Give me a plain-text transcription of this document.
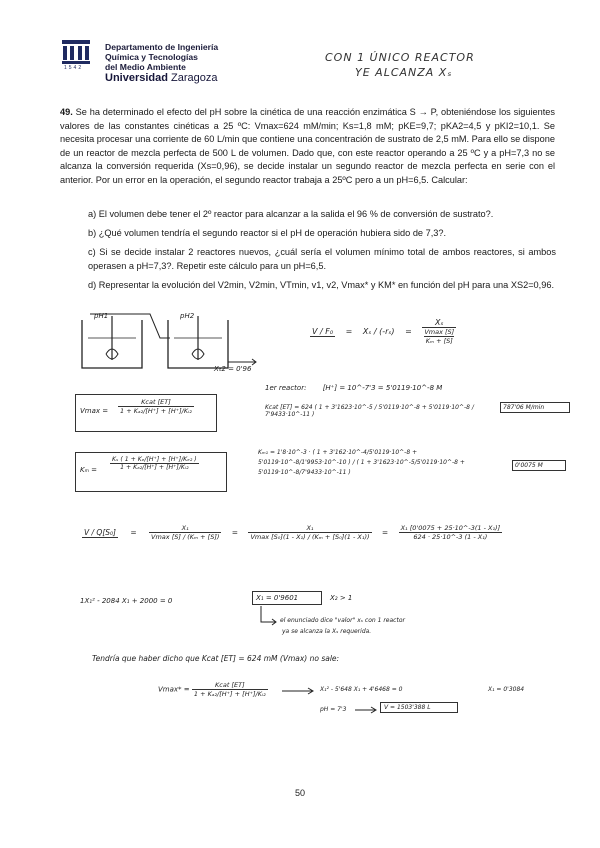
1542
Departamento de Ingeniería
Química y Tecnologías
del Medio Ambiente
Universidad Zaragoza
CON 1 ÚNICO REACTOR
YE ALCANZA Xₛ
49. Se ha determinado el efecto del pH sobre la cinética de una reacción enzimática S → P, obteniéndose los siguientes valores de las constantes cinéticas a 25 ºC: Vmax=624 mM/min; Ks=1,8 mM; pKE=9,7; pKA2=4,5 y pKI2=10,1. Se necesita procesar una corriente de 60 L/min que contiene una concentración de sustrato de 2,5 mM. Para ello se dispone de un reactor de mezcla perfecta de 500 L de volumen. Dado que, con este reactor operando a 25 ºC y a pH=7,3 no se alcanza la conversión requerida (Xs=0,96), se decide instalar un segundo reactor de mezcla perfecta en serie con el anterior. Por un error en la operación, el segundo reactor trabaja a 25ºC pero a un pH=6,5. Calcular:
a) El volumen debe tener el 2º reactor para alcanzar a la salida el 96 % de conversión de sustrato?.
b) ¿Qué volumen tendría el segundo reactor si el pH de operación hubiera sido de 7,3?.
c) Si se decide instalar 2 reactores nuevos, ¿cuál sería el volumen mínimo total de ambos reactores, si ambos operasen a pH=7,3?. Repetir este cálculo para un pH=6,5.
d) Representar la evolución del V2min, V2min, VTmin, v1, v2, Vmax* y KM* en función del pH para una XS2=0,96.
pH1	pH2
Xₛ2 = 0'96
V / F₀ = Xₛ / (-rₛ) = Xₛ
Vmax [S]
Kₘ + [S]
1er reactor: [H⁺] = 10^-7'3 = 5'0119·10^-8 M
Vmax =
Kcat [ET]
1 + Kₐ₂/[H⁺] + [H⁺]/Kᵢ₂	Kcat [ET] = 624 ( 1 + 3'1623·10^-5 / 5'0119·10^-8 + 5'0119·10^-8 / 7'9433·10^-11 )
787'06 M/min
$K_m = \frac{\text{Kₛ ( 1 + Kₑ/[H⁺] + [H⁺]/Kₑ₂ )}}{\text{1 + Kₐ₂/[H⁺] + [H⁺]/Kᵢ₂}}$
Kₘ₁ = 1'8·10^-3 · ( 1 + 3'162·10^-4/5'0119·10^-8 + 5'0119·10^-8/1'9953·10^-10 ) / ( 1 + 3'1623·10^-5/5'0119·10^-8 + 5'0119·10^-8/7'9433·10^-11 )
0'0075 M
$V / Q[S_0] = \frac{\text{X₁}}{\text{Vmax [S] / (Kₘ + [S])}} = \frac{\text{X₁}}{\text{Vmax [S₀](1 - X₁) / (Kₘ + [S₀](1 - X₁))}} = \frac{\text{X₁ [0'0075 + 25·10\textasciicircum{}-3(1 - X₁)]}}{\text{624 · 25·10\textasciicircum{}-3 (1 - X₁)}}$
1X₁² - 2084 X₁ + 2000 = 0	X₁ = 0'9601	X₂ > 1
el enunciado dice "valor" xₛ con 1 reactor
ya se alcanza la Xₛ requerida.
Tendría que haber dicho que Kcat [ET] = 624 mM (Vmax) no sale:
$Vmax* = \frac{\text{Kcat [ET]}}{\text{1 + Kₐ₂/[H⁺] + [H⁺]/Kᵢ₂}}$	X₁² - 5'648 X₁ + 4'6468 = 0	X₁ = 0'3084
pH = 7'3	V = 1503'388 L
50
